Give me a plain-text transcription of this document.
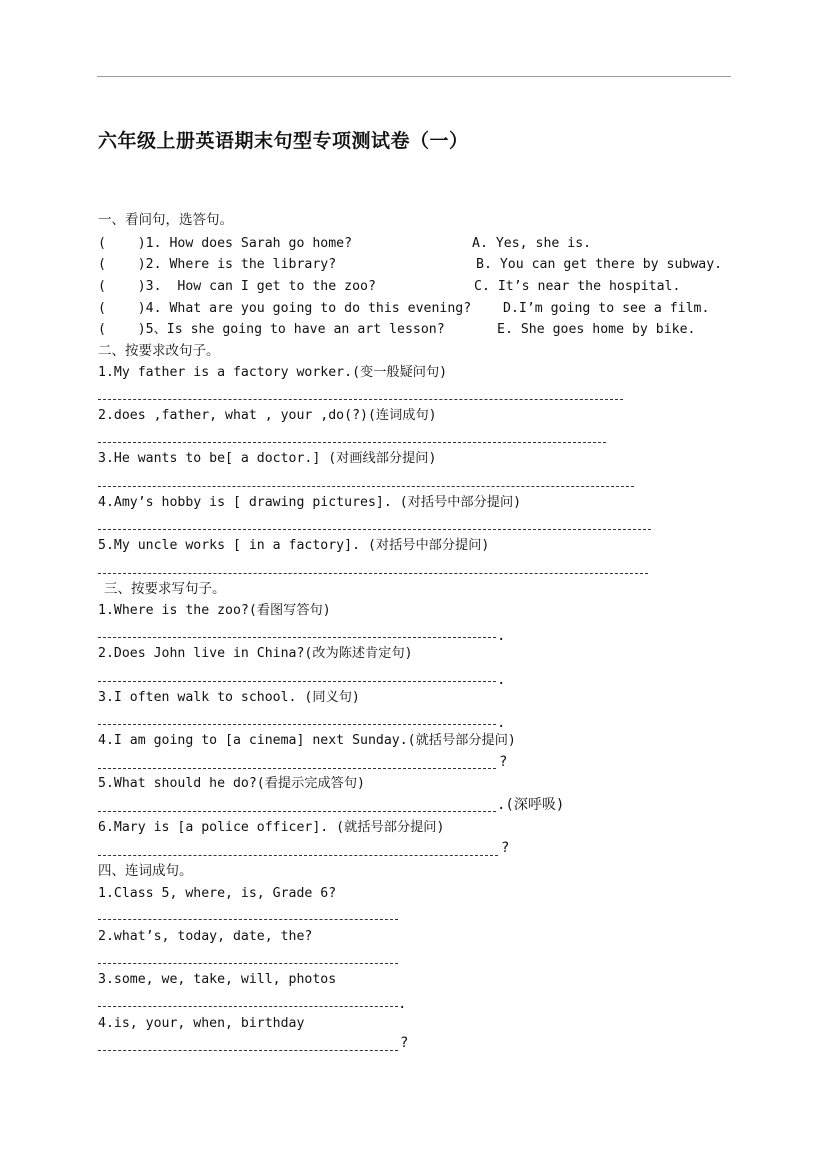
六年级上册英语期末句型专项测试卷（一）
一、看问句，选答句。
(    )1. How does Sarah go home?	A. Yes, she is.
(    )2. Where is the library?	B. You can get there by subway.
(    )3.  How can I get to the zoo?	C. It’s near the hospital.
(    )4. What are you going to do this evening? D.I’m going to see a film.
(    )5、Is she going to have an art lesson?	E. She goes home by bike.
二、按要求改句子。
1.My father is a factory worker.(变一般疑问句)
2.does ,father, what , your ,do(?)(连词成句)
3.He wants to be[ a doctor.] (对画线部分提问)
4.Amy’s hobby is [ drawing pictures]. (对括号中部分提问)
5.My uncle works [ in a factory]. (对括号中部分提问)
三、按要求写句子。
1.Where is the zoo?(看图写答句)
.
2.Does John live in China?(改为陈述肯定句)
.
3.I often walk to school. (同义句)
.
4.I am going to [a cinema] next Sunday.(就括号部分提问)
?
5.What should he do?(看提示完成答句)
.(深呼吸)
6.Mary is [a police officer]. (就括号部分提问)
?
四、连词成句。
1.Class 5, where, is, Grade 6?
2.what’s, today, date, the?
3.some, we, take, will, photos
.
4.is, your, when, birthday
?
